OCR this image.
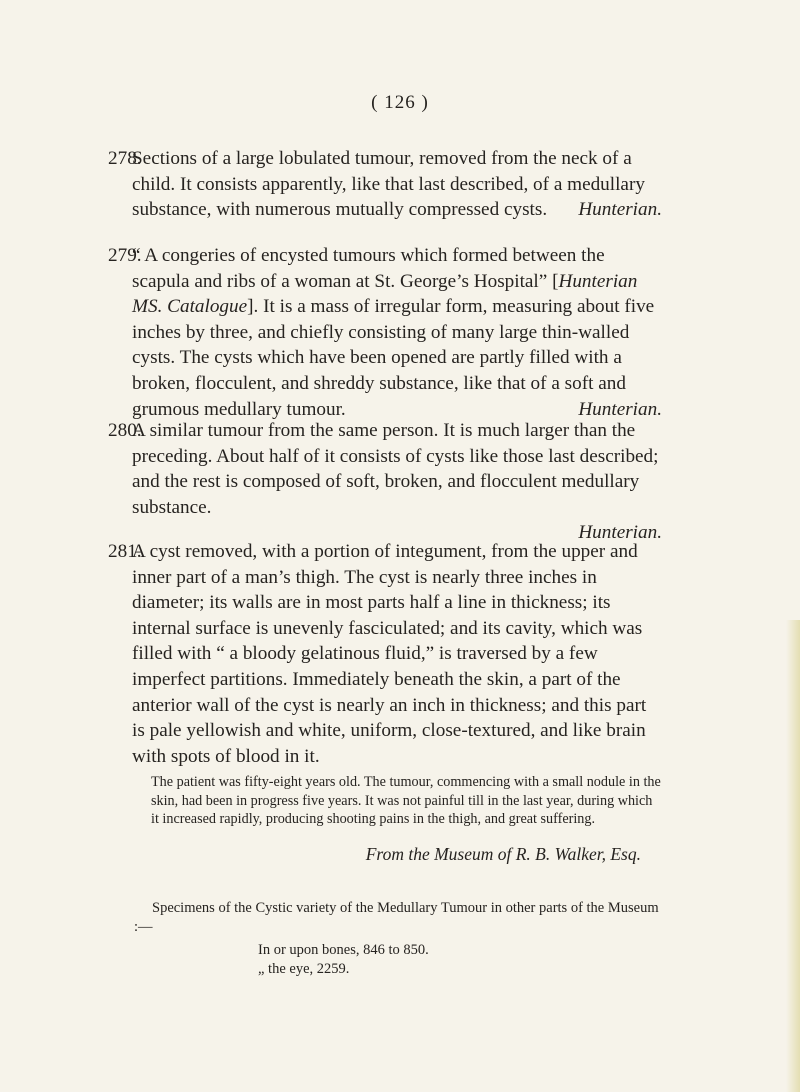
( 126 )
278.
Sections of a large lobulated tumour, removed from the neck of a child. It consists apparently, like that last described, of a medullary substance, with numerous mutually compressed cysts.	Hunterian.
279.
“ A congeries of encysted tumours which formed between the scapula and ribs of a woman at St. George’s Hospital” [Hunterian MS. Catalogue]. It is a mass of irregular form, measuring about five inches by three, and chiefly consisting of many large thin-walled cysts. The cysts which have been opened are partly filled with a broken, flocculent, and shreddy substance, like that of a soft and grumous medullary tumour.	Hunterian.
280.
A similar tumour from the same person. It is much larger than the preceding. About half of it consists of cysts like those last described; and the rest is composed of soft, broken, and flocculent medullary substance.
Hunterian.
281.
A cyst removed, with a portion of integument, from the upper and inner part of a man’s thigh. The cyst is nearly three inches in diameter; its walls are in most parts half a line in thickness; its internal surface is unevenly fasciculated; and its cavity, which was filled with “ a bloody gelatinous fluid,” is traversed by a few imperfect partitions. Immediately beneath the skin, a part of the anterior wall of the cyst is nearly an inch in thickness; and this part is pale yellowish and white, uniform, close-textured, and like brain with spots of blood in it.
The patient was fifty-eight years old. The tumour, commencing with a small nodule in the skin, had been in progress five years. It was not painful till in the last year, during which it increased rapidly, producing shooting pains in the thigh, and great suffering.
From the Museum of R. B. Walker, Esq.
Specimens of the Cystic variety of the Medullary Tumour in other parts of the Museum :—
In or upon bones, 846 to 850.
„ the eye, 2259.
